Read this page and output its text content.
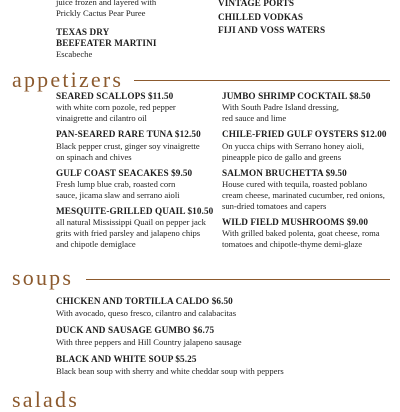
juice frozen and layered with
Prickly Cactus Pear Puree
TEXAS DRY
BEEFEATER MARTINI
Escabeche
VINTAGE PORTS
CHILLED VODKAS
FIJI AND VOSS WATERS
appetizers
SEARED SCALLOPS $11.50
with white corn pozole, red pepper
vinaigrette and cilantro oil
PAN-SEARED RARE TUNA $12.50
Black pepper crust, ginger soy vinaigrette
on spinach and chives
GULF COAST SEACAKES $9.50
Fresh lump blue crab, roasted corn
sauce, jicama slaw and serrano aioli
MESQUITE-GRILLED QUAIL $10.50
all natural Mississippi Quail on pepper jack
grits with fried parsley and jalapeno chips
and chipotle demiglace
JUMBO SHRIMP COCKTAIL $8.50
With South Padre Island dressing,
red sauce and lime
CHILE-FRIED GULF OYSTERS $12.00
On yucca chips with Serrano honey aioli,
pineapple pico de gallo and greens
SALMON BRUCHETTA $9.50
House cured with tequila, roasted poblano
cream cheese, marinated cucumber, red onions,
sun-dried tomatoes and capers
WILD FIELD MUSHROOMS $9.00
With grilled baked polenta, goat cheese, roma
tomatoes and chipotle-thyme demi-glaze
soups
CHICKEN AND TORTILLA CALDO $6.50
With avocado, queso fresco, cilantro and calabacitas
DUCK AND SAUSAGE GUMBO $6.75
With three peppers and Hill Country jalapeno sausage
BLACK AND WHITE SOUP $5.25
Black bean soup with sherry and white cheddar soup with peppers
salads
